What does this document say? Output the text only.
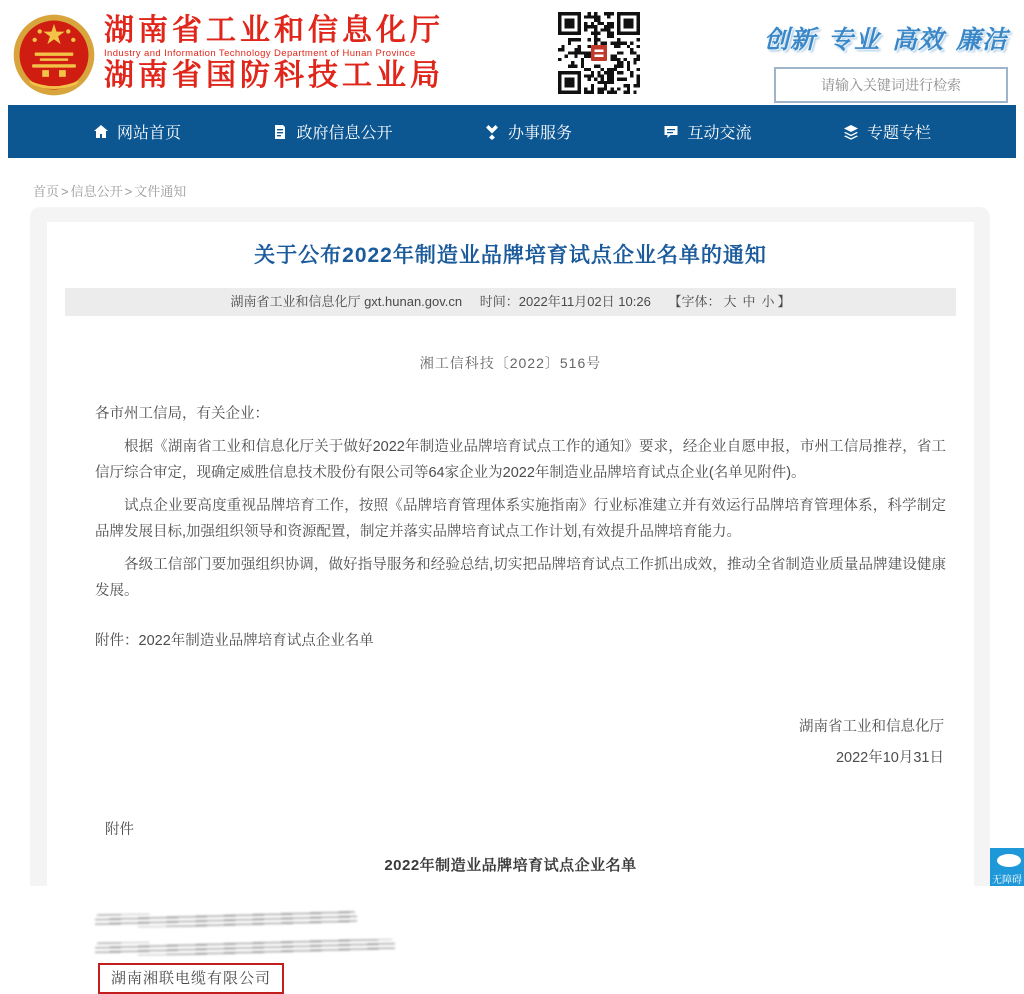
湖南省工业和信息化厅
Industry and Information Technology Department of Hunan Province
湖南省国防科技工业局
创新 专业 高效 廉洁
请输入关键词进行检索
网站首页	政府信息公开	办事服务	互动交流	专题专栏
首页 > 信息公开 > 文件通知
关于公布2022年制造业品牌培育试点企业名单的通知
湖南省工业和信息化厅 gxt.hunan.gov.cn 时间：2022年11月02日 10:26 【字体： 大 中 小 】
湘工信科技〔2022〕516号

各市州工信局，有关企业：

根据《湖南省工业和信息化厅关于做好2022年制造业品牌培育试点工作的通知》要求，经企业自愿申报，市州工信局推荐，省工信厅综合审定，现确定威胜信息技术股份有限公司等64家企业为2022年制造业品牌培育试点企业(名单见附件)。

试点企业要高度重视品牌培育工作，按照《品牌培育管理体系实施指南》行业标准建立并有效运行品牌培育管理体系，科学制定品牌发展目标,加强组织领导和资源配置，制定并落实品牌培育试点工作计划,有效提升品牌培育能力。

各级工信部门要加强组织协调，做好指导服务和经验总结,切实把品牌培育试点工作抓出成效，推动全省制造业质量品牌建设健康发展。

附件：2022年制造业品牌培育试点企业名单
湖南省工业和信息化厅
2022年10月31日
附件
2022年制造业品牌培育试点企业名单
湖南湘联电缆有限公司
无障碍
